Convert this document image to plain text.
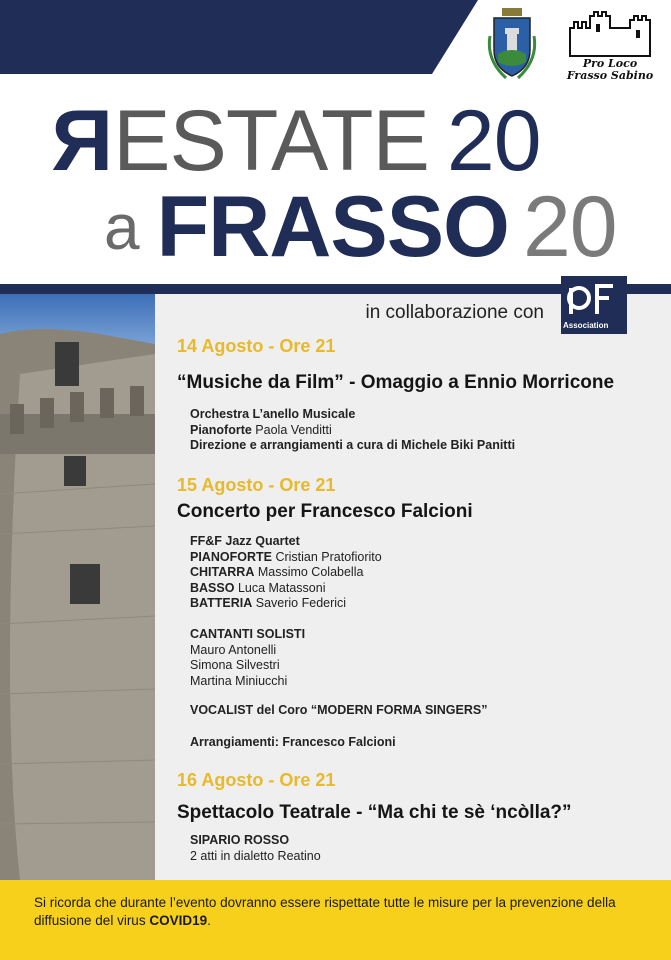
Pro Loco
Frasso Sabino
R ESTATE 20
a FRASSO 20
in collaborazione con
Association
14 Agosto - Ore 21
“Musiche da Film” - Omaggio a Ennio Morricone
Orchestra L’anello Musicale
Pianoforte Paola Venditti
Direzione e arrangiamenti a cura di Michele Biki Panitti
15 Agosto - Ore 21
Concerto per Francesco Falcioni
FF&F Jazz Quartet
PIANOFORTE Cristian Pratofiorito
CHITARRA Massimo Colabella
BASSO Luca Matassoni
BATTERIA Saverio Federici
CANTANTI SOLISTI
Mauro Antonelli
Simona Silvestri
Martina Miniucchi
VOCALIST del Coro “MODERN FORMA SINGERS”
Arrangiamenti: Francesco Falcioni
16 Agosto - Ore 21
Spettacolo Teatrale - “Ma chi te sè ‘ncòlla?”
SIPARIO ROSSO
2 atti in dialetto Reatino
Si ricorda che durante l’evento dovranno essere rispettate tutte le misure per la prevenzione della diffusione del virus COVID19.
